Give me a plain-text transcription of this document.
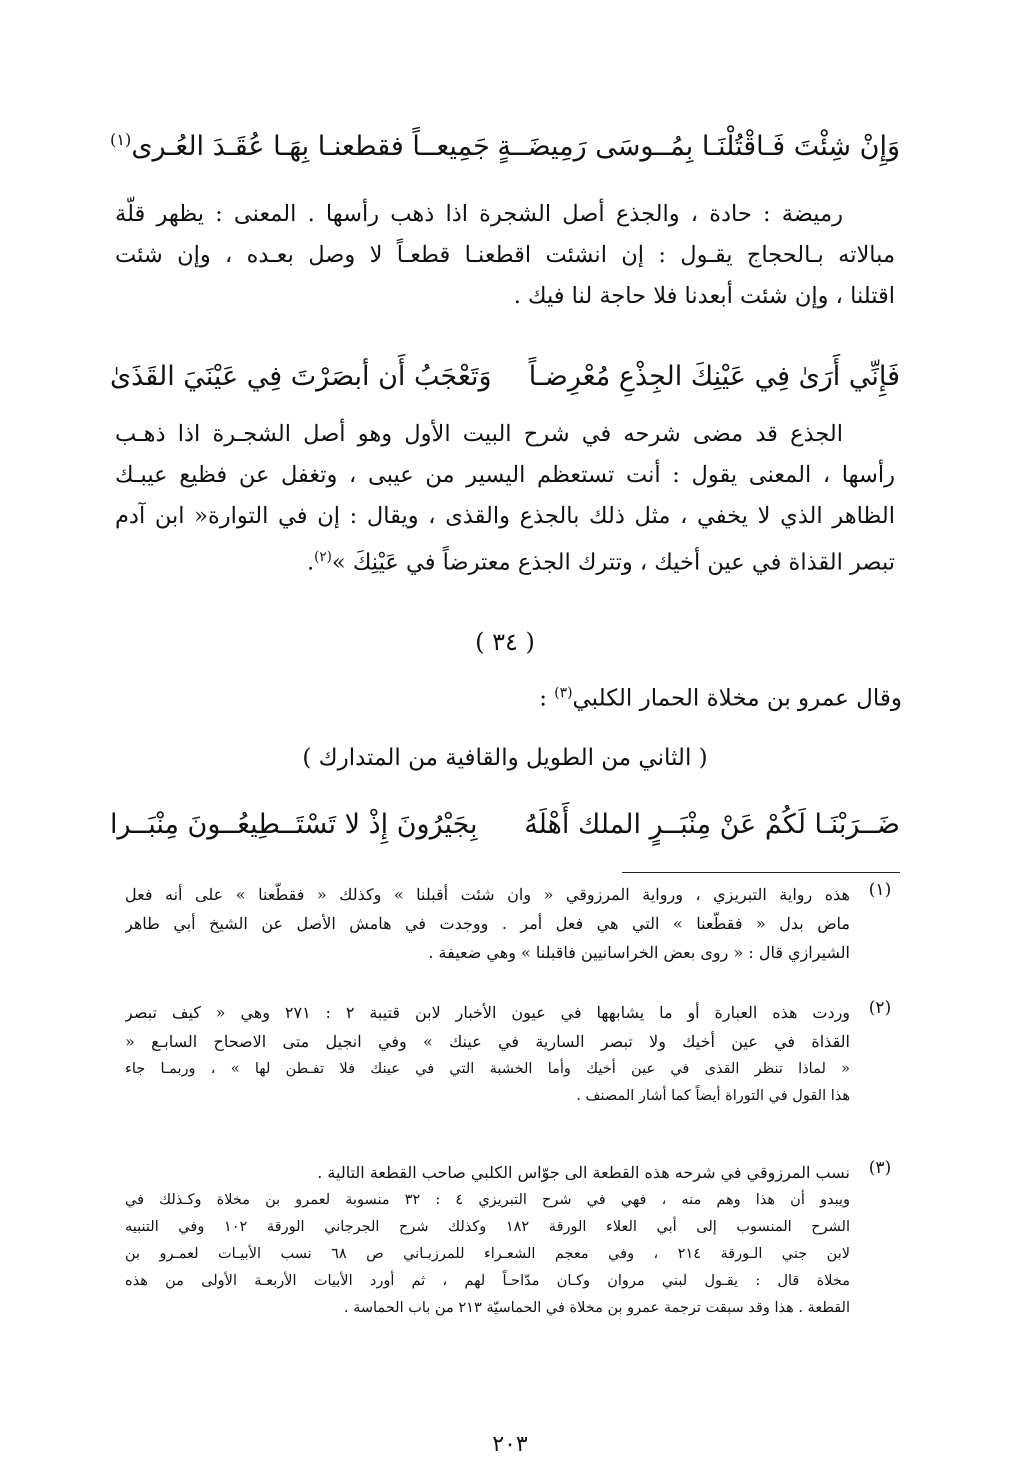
وَإِنْ شِئْتَ فَـاقْتُلْنَـا بِمُــوسَى رَمِيضَــةٍ
جَمِيعــاً فقطعنـا بِهَـا عُقَـدَ العُـرى$^{(١)}$
رميضة : حادة ، والجذع أصل الشجرة اذا ذهب رأسها . المعنى : يظهر قلّة
مبالاته بـالحجاج يقـول : إن انشئت اقطعنـا قطعـاً لا وصل بعـده ، وإن شئت
اقتلنا ، وإن شئت أبعدنا فلا حاجة لنا فيك .
فَإِنِّي أَرَىٰ فِي عَيْنِكَ الجِذْعِ مُعْرِضـاً
وَتَعْجَبُ أَن أبصَرْتَ فِي عَيْنَيَ القَذَىٰ
الجذع قد مضى شرحه في شرح البيت الأول وهو أصل الشجـرة اذا ذهـب
رأسها ، المعنى يقول : أنت تستعظم اليسير من عيبى ، وتغفل عن فظيع عيبـك
الظاهر الذي لا يخفي ، مثل ذلك بالجذع والقذى ، ويقال : إن في التوارة« ابن آدم
تبصر القذاة في عين أخيك ، وتترك الجذع معترضاً في عَيْنِكَ »$^{(٢)}$.
( ٣٤ )
وقال عمرو بن مخلاة الحمار الكلبي$^{(٣)}$ :
( الثاني من الطويل والقافية من المتدارك )
ضَــرَبْنَـا لَكُمْ عَنْ مِنْبَــرٍ الملك أَهْلَهُ
بِجَيْرُونَ إِذْ لا تَسْتَــطِيعُــونَ مِنْبَــرا
(١)
هذه رواية التبريزي ، ورواية المرزوقي « وان شئت أقبلنا » وكذلك « فقطّعنا » على أنه فعل
ماض بدل « فقطّعنا » التي هي فعل أمر . ووجدت في هامش الأصل عن الشيخ أبي طاهر
الشيرازي قال : « روى بعض الخراسانيين فاقبلنا » وهي ضعيفة .
(٢)
وردت هذه العبارة أو ما يشابهها في عيون الأخبار لابن قتيبة ٢ : ٢٧١ وهي « كيف تبصر
القذاة في عين أخيك ولا تبصر السارية في عينك » وفي انجيل متى الاصحاح السابـع «
« لماذا تنظر القذى في عين أخيك وأما الخشبة التي في عينك فلا تفـطن لها » ، وربمـا جاء
هذا القول في التوراة أيضاً كما أشار المصنف .
(٣)
نسب المرزوقي في شرحه هذه القطعة الى جوّاس الكلبي صاحب القطعة التالية .
ويبدو أن هذا وهم منه ، فهي في شرح التبريزي ٤ : ٣٢ منسوبة لعمرو بن مخلاة وكـذلك في
الشرح المنسوب إلى أبي العلاء الورقة ١٨٢ وكذلك شرح الجرجاني الورقة ١٠٢ وفي التنبيه
لابن جني الـورقة ٢١٤ ، وفي معجم الشعـراء للمرزبـاني ص ٦٨ نسب الأبيـات لعمـرو بن
مخلاة قال : يقـول لبني مروان وكـان مدّاحـاً لهم ، ثم أورد الأبيات الأربعـة الأولى من هذه
القطعة . هذا وقد سبقت ترجمة عمرو بن مخلاة في الحماسيّة ٢١٣ من باب الحماسة .
٢٠٣
